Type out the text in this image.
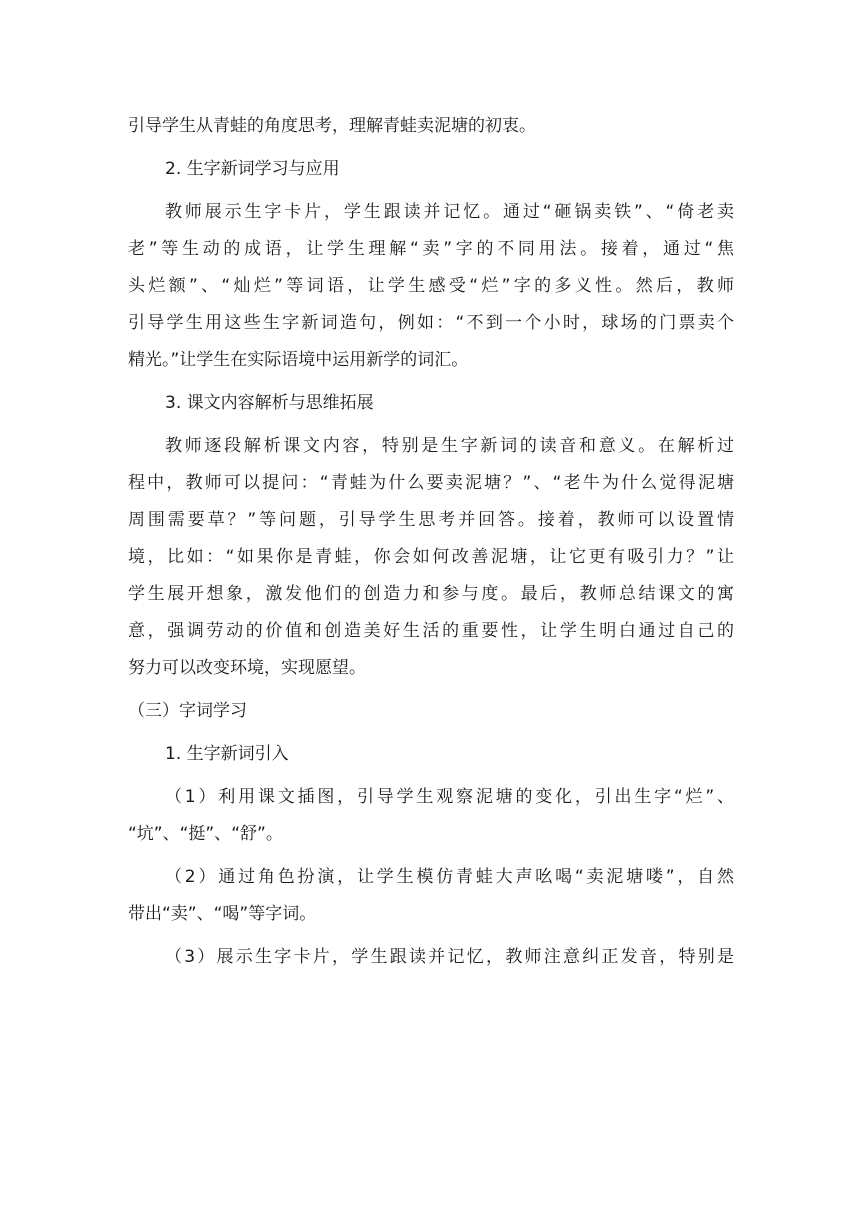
引导学生从青蛙的角度思考，理解青蛙卖泥塘的初衷。
2. 生字新词学习与应用
教师展示生字卡片，学生跟读并记忆。通过“砸锅卖铁”、“倚老卖
老”等生动的成语，让学生理解“卖”字的不同用法。接着，通过“焦
头烂额”、“灿烂”等词语，让学生感受“烂”字的多义性。然后，教师
引导学生用这些生字新词造句，例如：“不到一个小时，球场的门票卖个
精光。”让学生在实际语境中运用新学的词汇。
3. 课文内容解析与思维拓展
教师逐段解析课文内容，特别是生字新词的读音和意义。在解析过
程中，教师可以提问：“青蛙为什么要卖泥塘？”、“老牛为什么觉得泥塘
周围需要草？”等问题，引导学生思考并回答。接着，教师可以设置情
境，比如：“如果你是青蛙，你会如何改善泥塘，让它更有吸引力？”让
学生展开想象，激发他们的创造力和参与度。最后，教师总结课文的寓
意，强调劳动的价值和创造美好生活的重要性，让学生明白通过自己的
努力可以改变环境，实现愿望。
（三）字词学习
1. 生字新词引入
（1）利用课文插图，引导学生观察泥塘的变化，引出生字“烂”、
“坑”、“挺”、“舒”。
（2）通过角色扮演，让学生模仿青蛙大声吆喝“卖泥塘喽”，自然
带出“卖”、“喝”等字词。
（3）展示生字卡片，学生跟读并记忆，教师注意纠正发音，特别是
